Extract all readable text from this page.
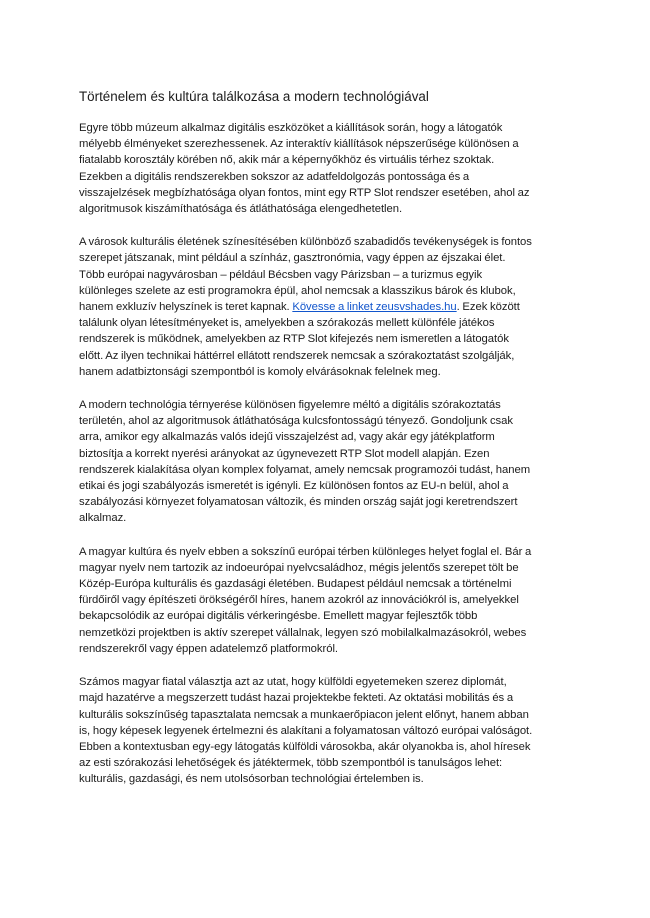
Történelem és kultúra találkozása a modern technológiával

Egyre több múzeum alkalmaz digitális eszközöket a kiállítások során, hogy a látogatók
mélyebb élményeket szerezhessenek. Az interaktív kiállítások népszerűsége különösen a
fiatalabb korosztály körében nő, akik már a képernyőkhöz és virtuális térhez szoktak.
Ezekben a digitális rendszerekben sokszor az adatfeldolgozás pontossága és a
visszajelzések megbízhatósága olyan fontos, mint egy RTP Slot rendszer esetében, ahol az
algoritmusok kiszámíthatósága és átláthatósága elengedhetetlen.

A városok kulturális életének színesítésében különböző szabadidős tevékenységek is fontos
szerepet játszanak, mint például a színház, gasztronómia, vagy éppen az éjszakai élet.
Több európai nagyvárosban – például Bécsben vagy Párizsban – a turizmus egyik
különleges szelete az esti programokra épül, ahol nemcsak a klasszikus bárok és klubok,
hanem exkluzív helyszínek is teret kapnak. Kövesse a linket zeusvshades.hu. Ezek között
találunk olyan létesítményeket is, amelyekben a szórakozás mellett különféle játékos
rendszerek is működnek, amelyekben az RTP Slot kifejezés nem ismeretlen a látogatók
előtt. Az ilyen technikai háttérrel ellátott rendszerek nemcsak a szórakoztatást szolgálják,
hanem adatbiztonsági szempontból is komoly elvárásoknak felelnek meg.

A modern technológia térnyerése különösen figyelemre méltó a digitális szórakoztatás
területén, ahol az algoritmusok átláthatósága kulcsfontosságú tényező. Gondoljunk csak
arra, amikor egy alkalmazás valós idejű visszajelzést ad, vagy akár egy játékplatform
biztosítja a korrekt nyerési arányokat az úgynevezett RTP Slot modell alapján. Ezen
rendszerek kialakítása olyan komplex folyamat, amely nemcsak programozói tudást, hanem
etikai és jogi szabályozás ismeretét is igényli. Ez különösen fontos az EU-n belül, ahol a
szabályozási környezet folyamatosan változik, és minden ország saját jogi keretrendszert
alkalmaz.

A magyar kultúra és nyelv ebben a sokszínű európai térben különleges helyet foglal el. Bár a
magyar nyelv nem tartozik az indoeurópai nyelvcsaládhoz, mégis jelentős szerepet tölt be
Közép-Európa kulturális és gazdasági életében. Budapest például nemcsak a történelmi
fürdőiről vagy építészeti örökségéről híres, hanem azokról az innovációkról is, amelyekkel
bekapcsolódik az európai digitális vérkeringésbe. Emellett magyar fejlesztők több
nemzetközi projektben is aktív szerepet vállalnak, legyen szó mobilalkalmazásokról, webes
rendszerekről vagy éppen adatelemző platformokról.

Számos magyar fiatal választja azt az utat, hogy külföldi egyetemeken szerez diplomát,
majd hazatérve a megszerzett tudást hazai projektekbe fekteti. Az oktatási mobilitás és a
kulturális sokszínűség tapasztalata nemcsak a munkaerőpiacon jelent előnyt, hanem abban
is, hogy képesek legyenek értelmezni és alakítani a folyamatosan változó európai valóságot.
Ebben a kontextusban egy-egy látogatás külföldi városokba, akár olyanokba is, ahol híresek
az esti szórakozási lehetőségek és játéktermek, több szempontból is tanulságos lehet:
kulturális, gazdasági, és nem utolsósorban technológiai értelemben is.
